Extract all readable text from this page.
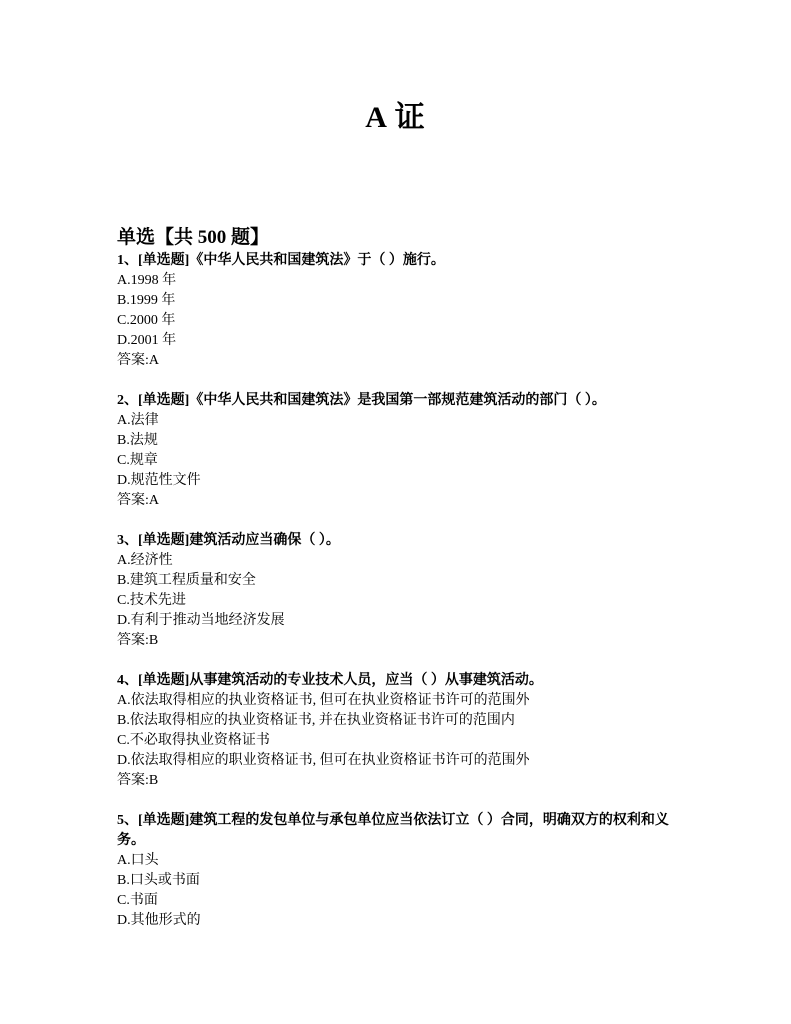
A 证
单选【共 500 题】
1、[单选题]《中华人民共和国建筑法》于（ ）施行。
A.1998 年
B.1999 年
C.2000 年
D.2001 年
答案:A
2、[单选题]《中华人民共和国建筑法》是我国第一部规范建筑活动的部门（ ）。
A.法律
B.法规
C.规章
D.规范性文件
答案:A
3、[单选题]建筑活动应当确保（ ）。
A.经济性
B.建筑工程质量和安全
C.技术先进
D.有利于推动当地经济发展
答案:B
4、[单选题]从事建筑活动的专业技术人员，应当（ ）从事建筑活动。
A.依法取得相应的执业资格证书, 但可在执业资格证书许可的范围外
B.依法取得相应的执业资格证书, 并在执业资格证书许可的范围内
C.不必取得执业资格证书
D.依法取得相应的职业资格证书, 但可在执业资格证书许可的范围外
答案:B
5、[单选题]建筑工程的发包单位与承包单位应当依法订立（ ）合同，明确双方的权利和义务。
A.口头
B.口头或书面
C.书面
D.其他形式的
